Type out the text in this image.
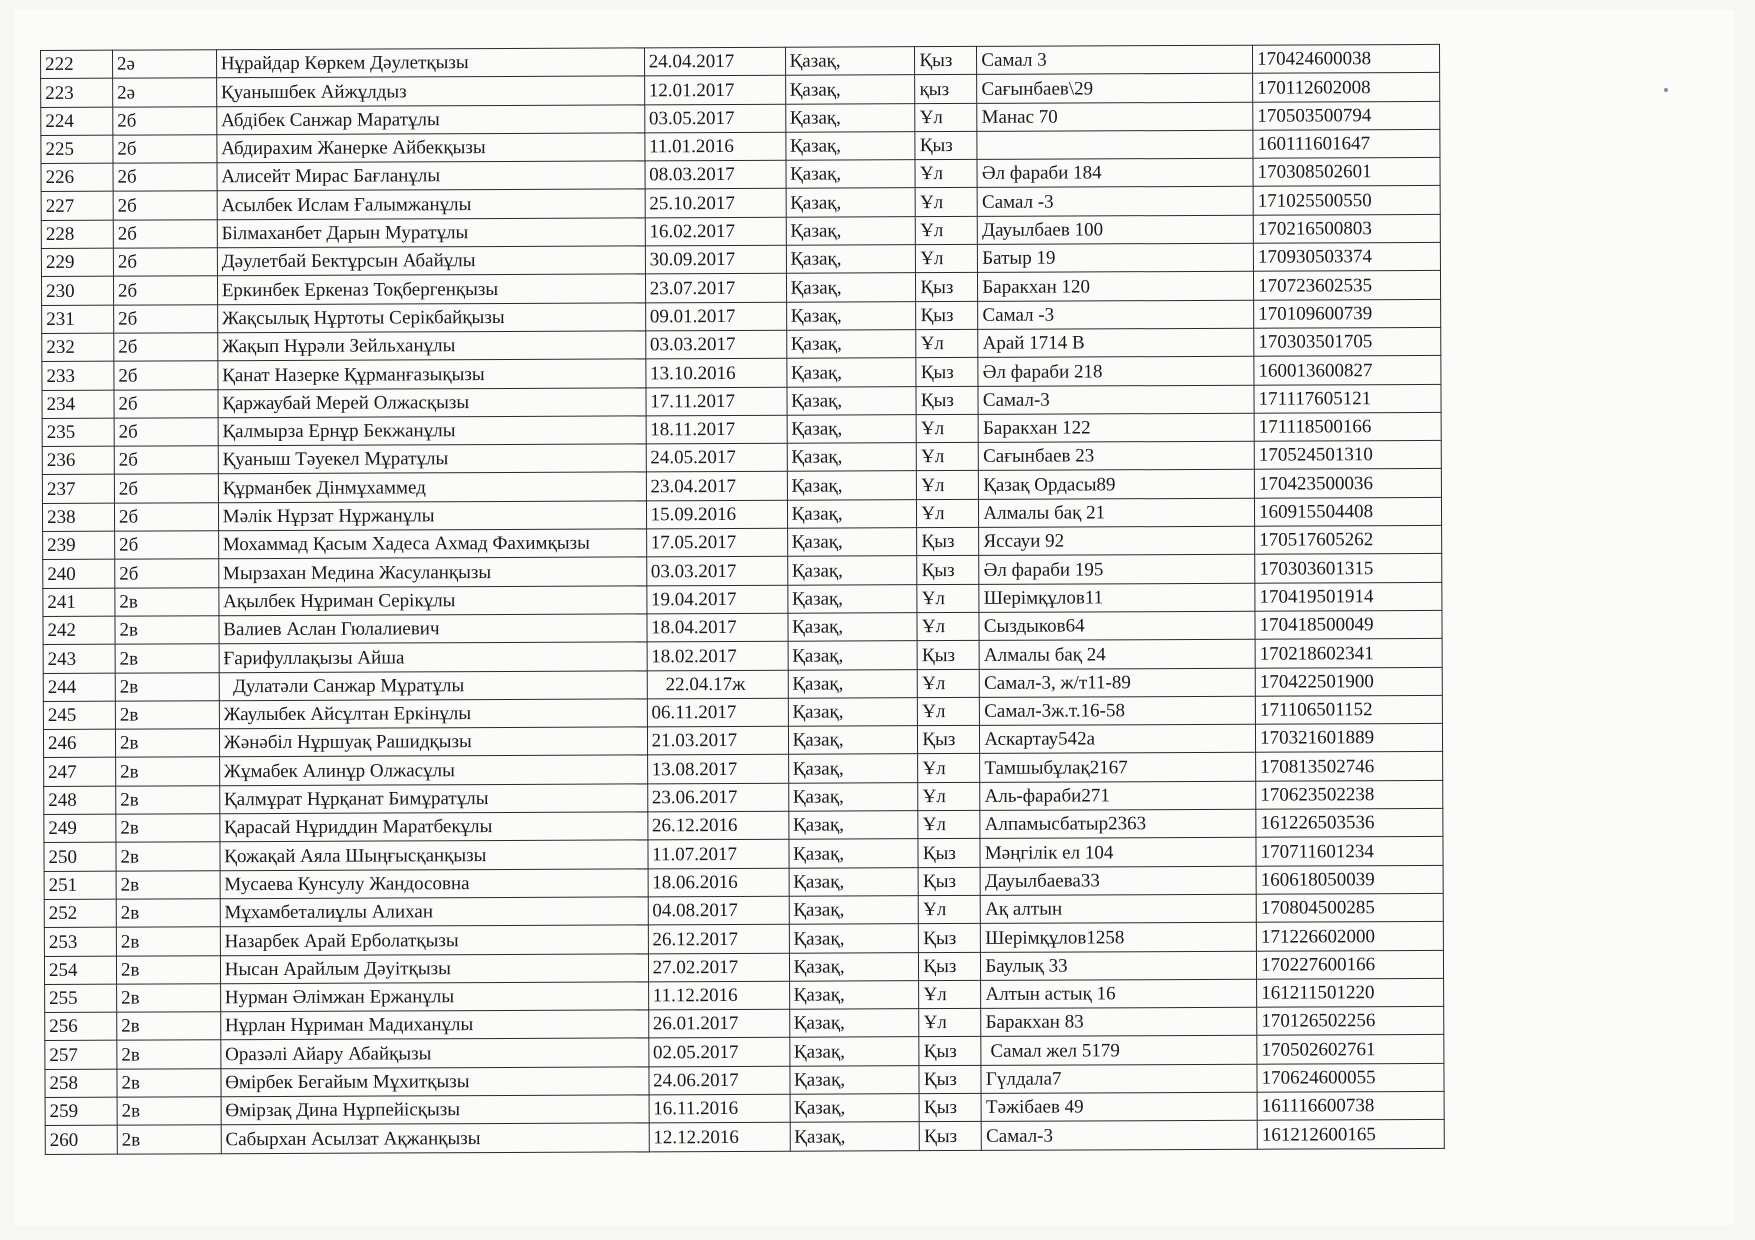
222	2ә	Нұрайдар Көркем Дәулетқызы	24.04.2017	Қазақ,	Қыз	Самал 3	170424600038
223	2ә	Қуанышбек Айжұлдыз	12.01.2017	Қазақ,	қыз	Сағынбаев\29	170112602008
224	2б	Абдібек Санжар Маратұлы	03.05.2017	Қазақ,	Ұл	Манас 70	170503500794
225	2б	Абдирахим Жанерке Айбекқызы	11.01.2016	Қазақ,	Қыз		160111601647
226	2б	Алисейт Мирас Бағланұлы	08.03.2017	Қазақ,	Ұл	Әл фараби 184	170308502601
227	2б	Асылбек Ислам Ғалымжанұлы	25.10.2017	Қазақ,	Ұл	Самал -3	171025500550
228	2б	Білмаханбет Дарын Муратұлы	16.02.2017	Қазақ,	Ұл	Дауылбаев 100	170216500803
229	2б	Дәулетбай Бектұрсын Абайұлы	30.09.2017	Қазақ,	Ұл	Батыр 19	170930503374
230	2б	Еркинбек Еркеназ Тоқбергенқызы	23.07.2017	Қазақ,	Қыз	Баракхан 120	170723602535
231	2б	Жақсылық Нұртоты Серікбайқызы	09.01.2017	Қазақ,	Қыз	Самал -3	170109600739
232	2б	Жақып Нұрәли Зейльханұлы	03.03.2017	Қазақ,	Ұл	Арай 1714 В	170303501705
233	2б	Қанат Назерке Құрманғазықызы	13.10.2016	Қазақ,	Қыз	Әл фараби 218	160013600827
234	2б	Қаржаубай Мерей Олжасқызы	17.11.2017	Қазақ,	Қыз	Самал-3	171117605121
235	2б	Қалмырза Ернұр Бекжанұлы	18.11.2017	Қазақ,	Ұл	Баракхан 122	171118500166
236	2б	Қуаныш Тәуекел Мұратұлы	24.05.2017	Қазақ,	Ұл	Сағынбаев 23	170524501310
237	2б	Құрманбек Дінмұхаммед	23.04.2017	Қазақ,	Ұл	Қазақ Ордасы89	170423500036
238	2б	Мәлік Нұрзат Нұржанұлы	15.09.2016	Қазақ,	Ұл	Алмалы бақ 21	160915504408
239	2б	Мохаммад Қасым Хадеса Ахмад Фахимқызы	17.05.2017	Қазақ,	Қыз	Яссауи 92	170517605262
240	2б	Мырзахан Медина Жасуланқызы	03.03.2017	Қазақ,	Қыз	Әл фараби 195	170303601315
241	2в	Ақылбек Нұриман Серікұлы	19.04.2017	Қазақ,	Ұл	Шерімқұлов11	170419501914
242	2в	Валиев Аслан Гюлалиевич	18.04.2017	Қазақ,	Ұл	Сыздыков64	170418500049
243	2в	Ғарифуллақызы Айша	18.02.2017	Қазақ,	Қыз	Алмалы бақ 24	170218602341
244	2в	Дулатәли Санжар Мұратұлы	22.04.17ж	Қазақ,	Ұл	Самал-3, ж/т11-89	170422501900
245	2в	Жаулыбек Айсұлтан Еркінұлы	06.11.2017	Қазақ,	Ұл	Самал-3ж.т.16-58	171106501152
246	2в	Жәнәбіл Нұршуақ Рашидқызы	21.03.2017	Қазақ,	Қыз	Аскартау542а	170321601889
247	2в	Жұмабек Алинұр Олжасұлы	13.08.2017	Қазақ,	Ұл	Тамшыбұлақ2167	170813502746
248	2в	Қалмұрат Нұрқанат Бимұратұлы	23.06.2017	Қазақ,	Ұл	Аль-фараби271	170623502238
249	2в	Қарасай Нұриддин Маратбекұлы	26.12.2016	Қазақ,	Ұл	Алпамысбатыр2363	161226503536
250	2в	Қожақай Аяла Шыңғысқанқызы	11.07.2017	Қазақ,	Қыз	Мәңгілік ел 104	170711601234
251	2в	Мусаева Кунсулу Жандосовна	18.06.2016	Қазақ,	Қыз	Дауылбаева33	160618050039
252	2в	Мұхамбеталиұлы Алихан	04.08.2017	Қазақ,	Ұл	Ақ алтын	170804500285
253	2в	Назарбек Арай Ерболатқызы	26.12.2017	Қазақ,	Қыз	Шерімқұлов1258	171226602000
254	2в	Нысан Арайлым Дәуітқызы	27.02.2017	Қазақ,	Қыз	Баулық 33	170227600166
255	2в	Нурман Әлімжан Ержанұлы	11.12.2016	Қазақ,	Ұл	Алтын астық 16	161211501220
256	2в	Нұрлан Нұриман Мадиханұлы	26.01.2017	Қазақ,	Ұл	Баракхан 83	170126502256
257	2в	Оразәлі Айару Абайқызы	02.05.2017	Қазақ,	Қыз	Самал жел 5179	170502602761
258	2в	Өмірбек Бегайым Мұхитқызы	24.06.2017	Қазақ,	Қыз	Гүлдала7	170624600055
259	2в	Өмірзақ Дина Нұрпейісқызы	16.11.2016	Қазақ,	Қыз	Тәжібаев 49	161116600738
260	2в	Сабырхан Асылзат Ақжанқызы	12.12.2016	Қазақ,	Қыз	Самал-3	161212600165
